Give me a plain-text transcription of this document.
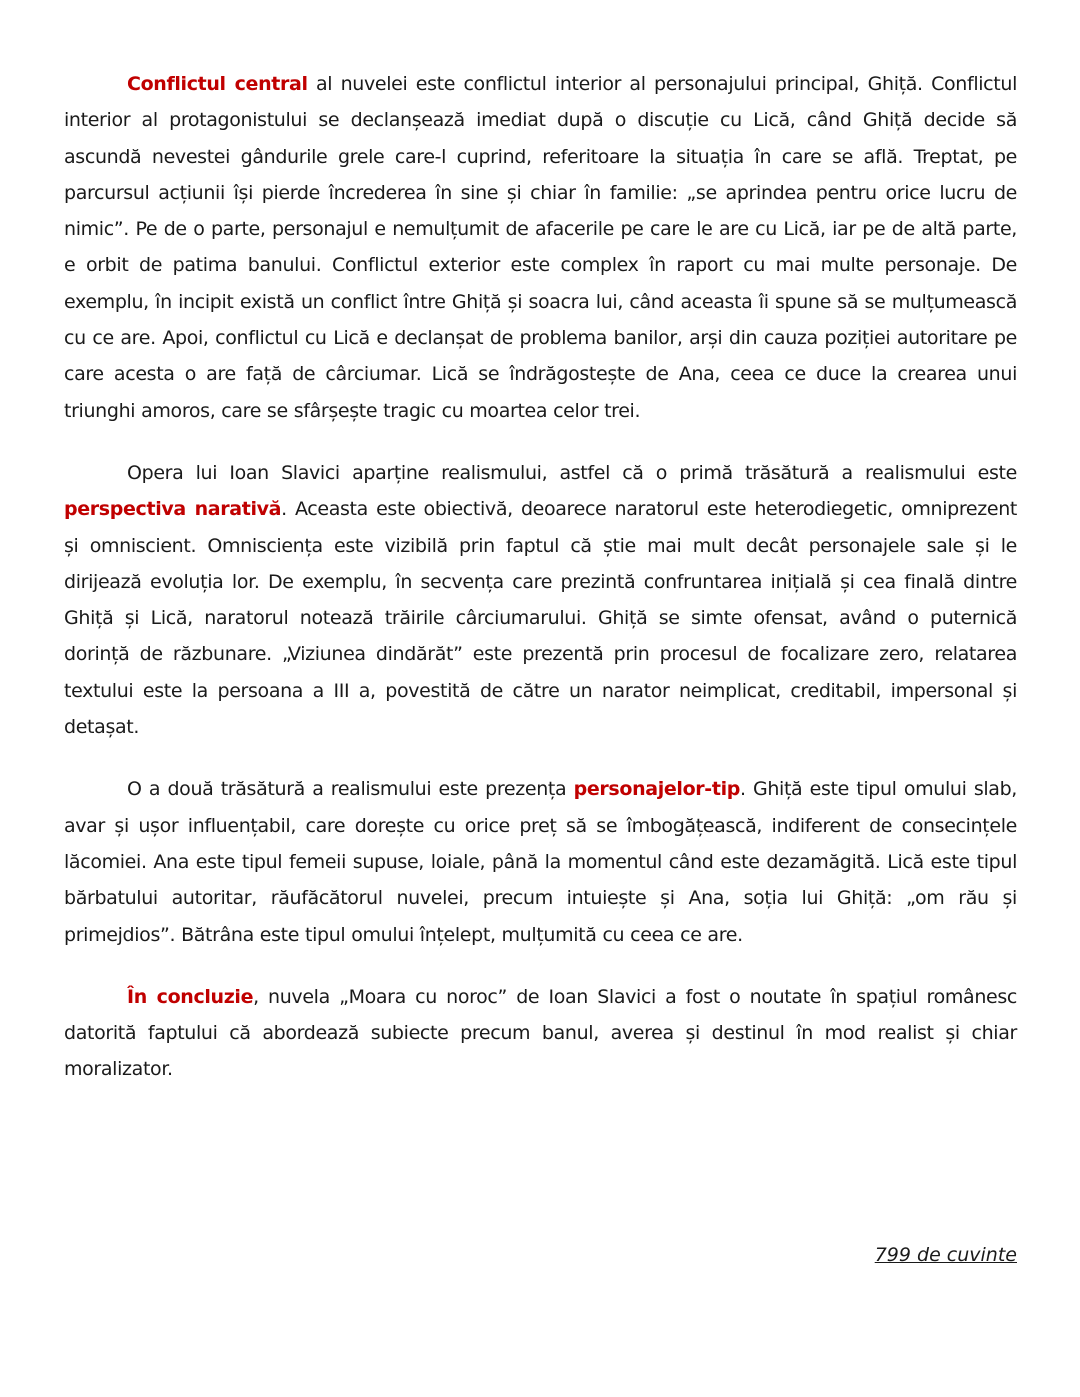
Conflictul central al nuvelei este conflictul interior al personajului principal, Ghiță. Conflictul interior al protagonistului se declanșează imediat după o discuție cu Lică, când Ghiță decide să ascundă nevestei gândurile grele care-l cuprind, referitoare la situația în care se află. Treptat, pe parcursul acțiunii își pierde încrederea în sine și chiar în familie: „se aprindea pentru orice lucru de nimic”. Pe de o parte, personajul e nemulțumit de afacerile pe care le are cu Lică, iar pe de altă parte, e orbit de patima banului. Conflictul exterior este complex în raport cu mai multe personaje. De exemplu, în incipit există un conflict între Ghiță și soacra lui, când aceasta îi spune să se mulțumească cu ce are. Apoi, conflictul cu Lică e declanșat de problema banilor, arși din cauza poziției autoritare pe care acesta o are față de cârciumar. Lică se îndrăgostește de Ana, ceea ce duce la crearea unui triunghi amoros, care se sfârșește tragic cu moartea celor trei.

Opera lui Ioan Slavici aparține realismului, astfel că o primă trăsătură a realismului este perspectiva narativă. Aceasta este obiectivă, deoarece naratorul este heterodiegetic, omniprezent și omniscient. Omnisciența este vizibilă prin faptul că știe mai mult decât personajele sale și le dirijează evoluția lor. De exemplu, în secvența care prezintă confruntarea inițială și cea finală dintre Ghiță și Lică, naratorul notează trăirile cârciumarului. Ghiță se simte ofensat, având o puternică dorință de răzbunare. „Viziunea dindărăt” este prezentă prin procesul de focalizare zero, relatarea textului este la persoana a III a, povestită de către un narator neimplicat, creditabil, impersonal și detașat.

O a două trăsătură a realismului este prezența personajelor-tip. Ghiță este tipul omului slab, avar și ușor influențabil, care dorește cu orice preț să se îmbogățească, indiferent de consecințele lăcomiei. Ana este tipul femeii supuse, loiale, până la momentul când este dezamăgită. Lică este tipul bărbatului autoritar, răufăcătorul nuvelei, precum intuiește și Ana, soția lui Ghiță: „om rău și primejdios”. Bătrâna este tipul omului înțelept, mulțumită cu ceea ce are.

În concluzie, nuvela „Moara cu noroc” de Ioan Slavici a fost o noutate în spațiul românesc datorită faptului că abordează subiecte precum banul, averea și destinul în mod realist și chiar moralizator.

799 de cuvinte
